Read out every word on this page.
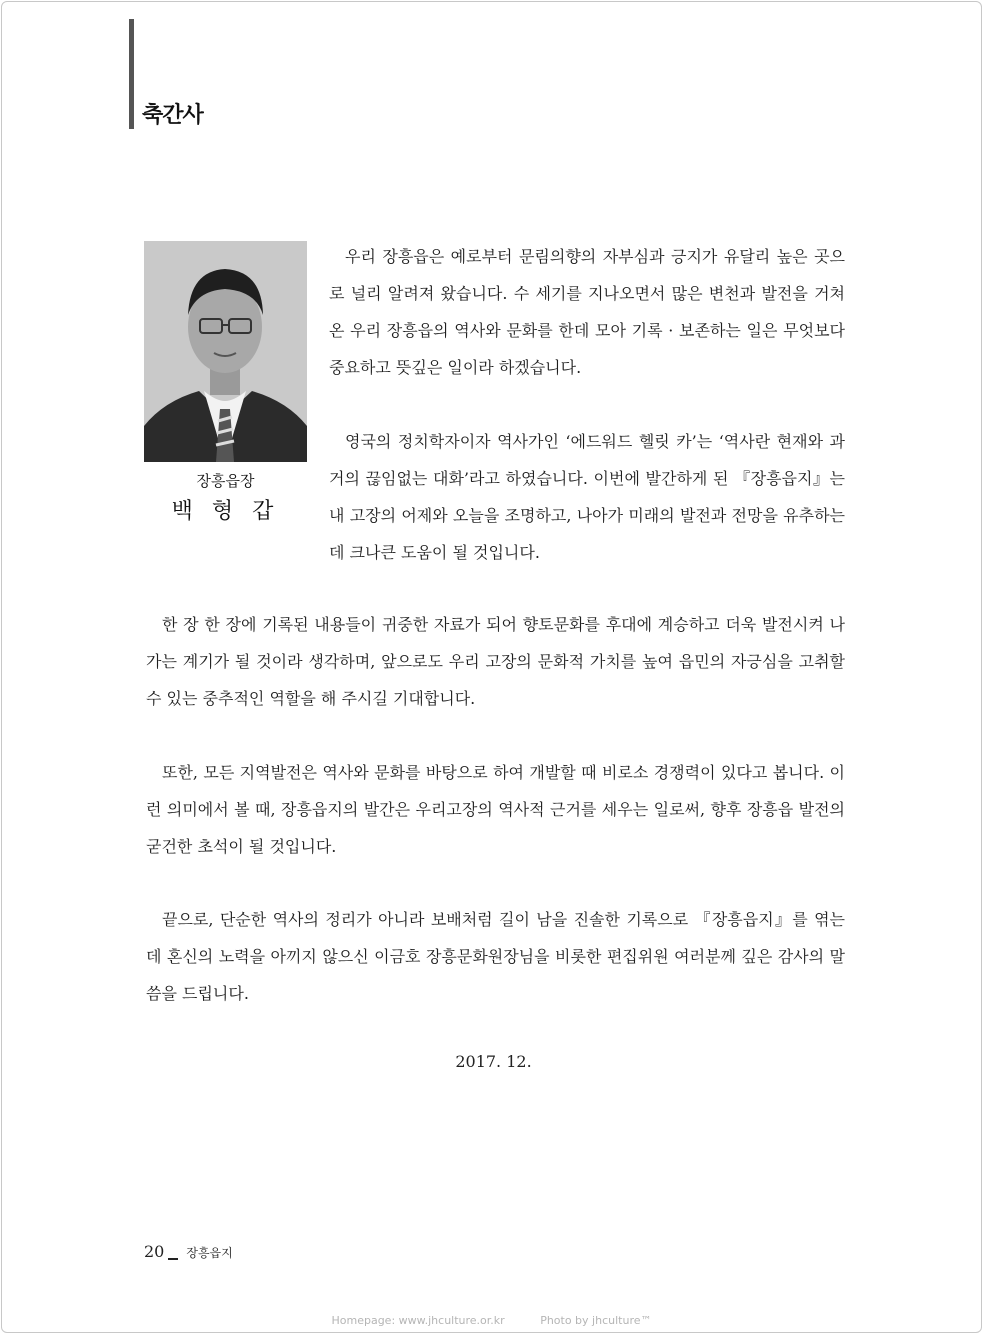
축간사
장흥읍장
백 형 갑

우리 장흥읍은 예로부터 문림의향의 자부심과 긍지가 유달리 높은 곳으로 널리 알려져 왔습니다. 수 세기를 지나오면서 많은 변천과 발전을 거쳐온 우리 장흥읍의 역사와 문화를 한데 모아 기록 · 보존하는 일은 무엇보다 중요하고 뜻깊은 일이라 하겠습니다.

영국의 정치학자이자 역사가인 ‘에드워드 헬릿 카’는 ‘역사란 현재와 과거의 끊임없는 대화’라고 하였습니다. 이번에 발간하게 된 『장흥읍지』는 내 고장의 어제와 오늘을 조명하고, 나아가 미래의 발전과 전망을 유추하는 데 크나큰 도움이 될 것입니다.

한 장 한 장에 기록된 내용들이 귀중한 자료가 되어 향토문화를 후대에 계승하고 더욱 발전시켜 나가는 계기가 될 것이라 생각하며, 앞으로도 우리 고장의 문화적 가치를 높여 읍민의 자긍심을 고취할 수 있는 중추적인 역할을 해 주시길 기대합니다.

또한, 모든 지역발전은 역사와 문화를 바탕으로 하여 개발할 때 비로소 경쟁력이 있다고 봅니다. 이런 의미에서 볼 때, 장흥읍지의 발간은 우리고장의 역사적 근거를 세우는 일로써, 향후 장흥읍 발전의 굳건한 초석이 될 것입니다.

끝으로, 단순한 역사의 정리가 아니라 보배처럼 길이 남을 진솔한 기록으로 『장흥읍지』를 엮는 데 혼신의 노력을 아끼지 않으신 이금호 장흥문화원장님을 비롯한 편집위원 여러분께 깊은 감사의 말씀을 드립니다.

2017. 12.
20 장흥읍지
Homepage: www.jhculture.or.kr	Photo by jhculture™
